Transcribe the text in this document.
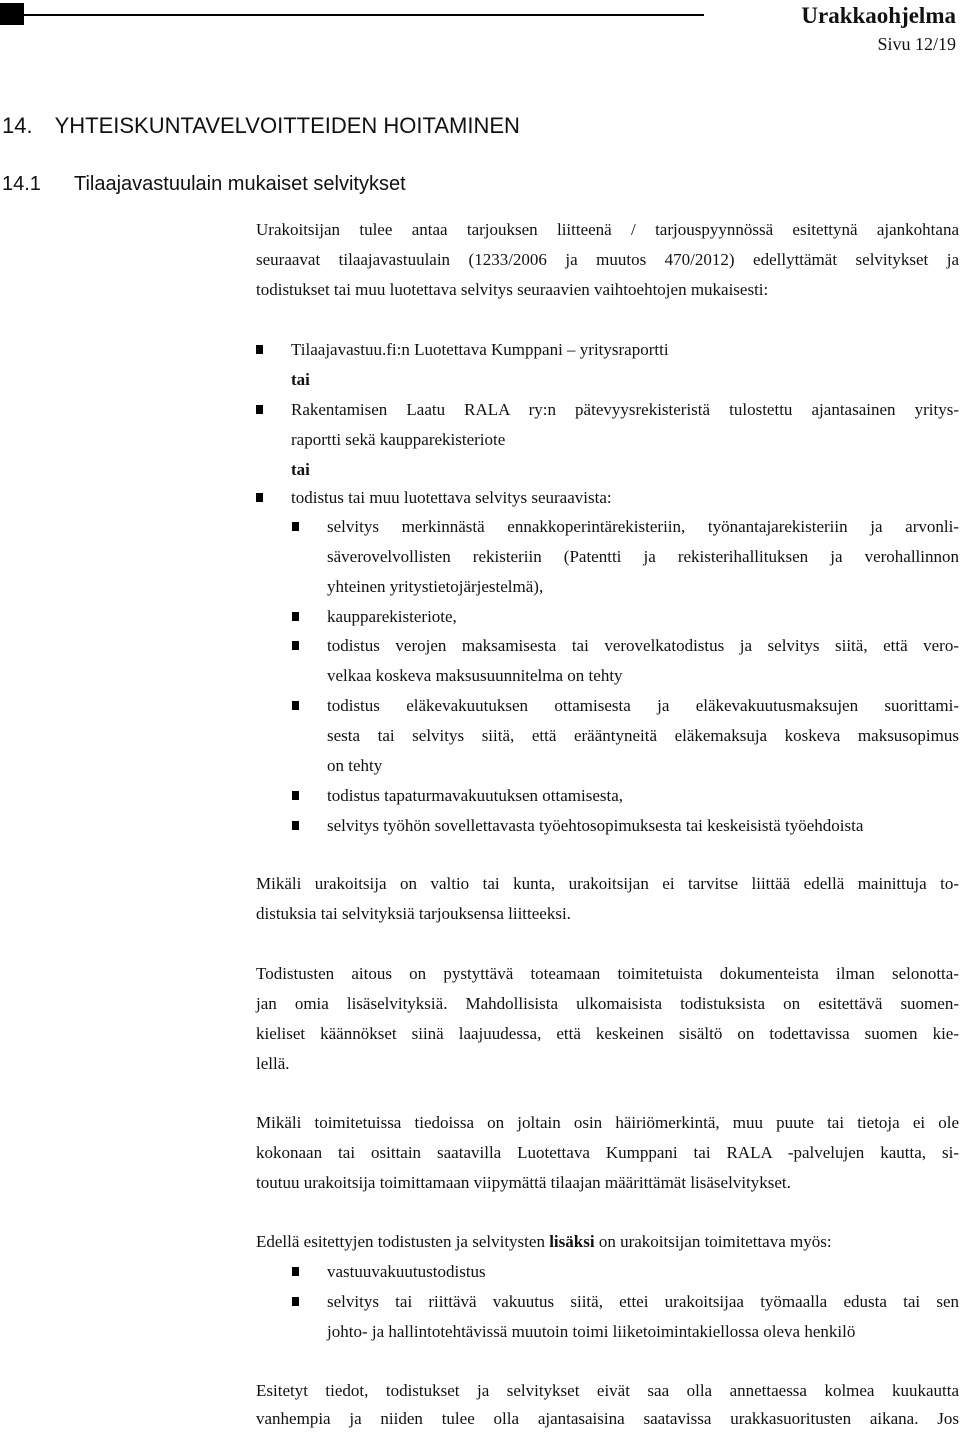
Urakkaohjelma
Sivu 12/19
14. YHTEISKUNTAVELVOITTEIDEN HOITAMINEN
14.1 Tilaajavastuulain mukaiset selvitykset
Urakoitsijan tulee antaa tarjouksen liitteenä / tarjouspyynnössä esitettynä ajankohtana
seuraavat tilaajavastuulain (1233/2006 ja muutos 470/2012) edellyttämät selvitykset ja
todistukset tai muu luotettava selvitys seuraavien vaihtoehtojen mukaisesti:
Tilaajavastuu.fi:n Luotettava Kumppani – yritysraportti
tai
Rakentamisen Laatu RALA ry:n pätevyysrekisteristä tulostettu ajantasainen yritys-
raportti sekä kaupparekisteriote
tai
todistus tai muu luotettava selvitys seuraavista:
selvitys merkinnästä ennakkoperintärekisteriin, työnantajarekisteriin ja arvonli-
säverovelvollisten rekisteriin (Patentti ja rekisterihallituksen ja verohallinnon
yhteinen yritystietojärjestelmä),
kaupparekisteriote,
todistus verojen maksamisesta tai verovelkatodistus ja selvitys siitä, että vero-
velkaa koskeva maksusuunnitelma on tehty
todistus eläkevakuutuksen ottamisesta ja eläkevakuutusmaksujen suorittami-
sesta tai selvitys siitä, että erääntyneitä eläkemaksuja koskeva maksusopimus
on tehty
todistus tapaturmavakuutuksen ottamisesta,
selvitys työhön sovellettavasta työehtosopimuksesta tai keskeisistä työehdoista
Mikäli urakoitsija on valtio tai kunta, urakoitsijan ei tarvitse liittää edellä mainittuja to-
distuksia tai selvityksiä tarjouksensa liitteeksi.
Todistusten aitous on pystyttävä toteamaan toimitetuista dokumenteista ilman selonotta-
jan omia lisäselvityksiä. Mahdollisista ulkomaisista todistuksista on esitettävä suomen-
kieliset käännökset siinä laajuudessa, että keskeinen sisältö on todettavissa suomen kie-
lellä.
Mikäli toimitetuissa tiedoissa on joltain osin häiriömerkintä, muu puute tai tietoja ei ole
kokonaan tai osittain saatavilla Luotettava Kumppani tai RALA -palvelujen kautta, si-
toutuu urakoitsija toimittamaan viipymättä tilaajan määrittämät lisäselvitykset.
Edellä esitettyjen todistusten ja selvitysten lisäksi on urakoitsijan toimitettava myös:
vastuuvakuutustodistus
selvitys tai riittävä vakuutus siitä, ettei urakoitsijaa työmaalla edusta tai sen
johto- ja hallintotehtävissä muutoin toimi liiketoimintakiellossa oleva henkilö
Esitetyt tiedot, todistukset ja selvitykset eivät saa olla annettaessa kolmea kuukautta
vanhempia ja niiden tulee olla ajantasaisina saatavissa urakkasuoritusten aikana. Jos
